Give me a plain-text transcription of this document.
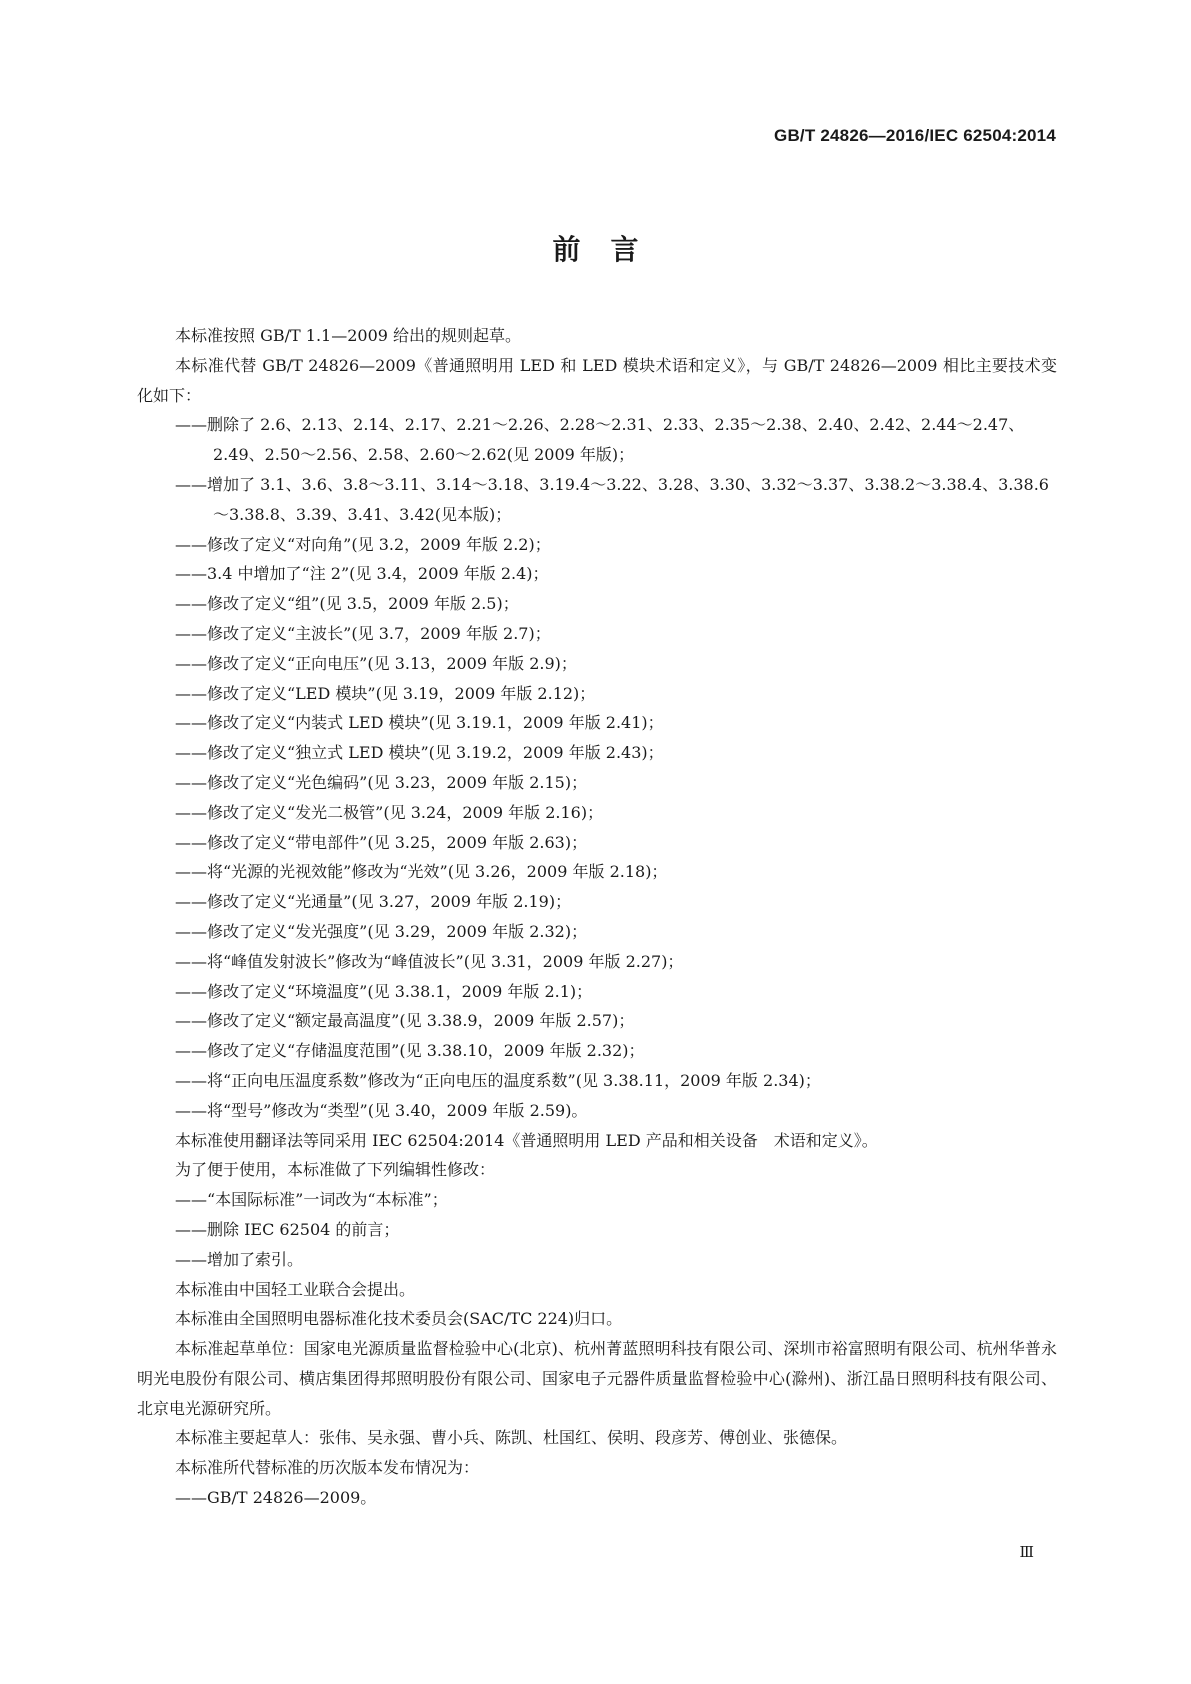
GB/T 24826—2016/IEC 62504:2014
前言
本标准按照 GB/T 1.1—2009 给出的规则起草。
本标准代替 GB/T 24826—2009《普通照明用 LED 和 LED 模块术语和定义》，与 GB/T 24826—2009 相比主要技术变化如下：
——删除了 2.6、2.13、2.14、2.17、2.21～2.26、2.28～2.31、2.33、2.35～2.38、2.40、2.42、2.44～2.47、2.49、2.50～2.56、2.58、2.60～2.62(见 2009 年版)；
——增加了 3.1、3.6、3.8～3.11、3.14～3.18、3.19.4～3.22、3.28、3.30、3.32～3.37、3.38.2～3.38.4、3.38.6～3.38.8、3.39、3.41、3.42(见本版)；
——修改了定义“对向角”(见 3.2，2009 年版 2.2)；
——3.4 中增加了“注 2”(见 3.4，2009 年版 2.4)；
——修改了定义“组”(见 3.5，2009 年版 2.5)；
——修改了定义“主波长”(见 3.7，2009 年版 2.7)；
——修改了定义“正向电压”(见 3.13，2009 年版 2.9)；
——修改了定义“LED 模块”(见 3.19，2009 年版 2.12)；
——修改了定义“内装式 LED 模块”(见 3.19.1，2009 年版 2.41)；
——修改了定义“独立式 LED 模块”(见 3.19.2，2009 年版 2.43)；
——修改了定义“光色编码”(见 3.23，2009 年版 2.15)；
——修改了定义“发光二极管”(见 3.24，2009 年版 2.16)；
——修改了定义“带电部件”(见 3.25，2009 年版 2.63)；
——将“光源的光视效能”修改为“光效”(见 3.26，2009 年版 2.18)；
——修改了定义“光通量”(见 3.27，2009 年版 2.19)；
——修改了定义“发光强度”(见 3.29，2009 年版 2.32)；
——将“峰值发射波长”修改为“峰值波长”(见 3.31，2009 年版 2.27)；
——修改了定义“环境温度”(见 3.38.1，2009 年版 2.1)；
——修改了定义“额定最高温度”(见 3.38.9，2009 年版 2.57)；
——修改了定义“存储温度范围”(见 3.38.10，2009 年版 2.32)；
——将“正向电压温度系数”修改为“正向电压的温度系数”(见 3.38.11，2009 年版 2.34)；
——将“型号”修改为“类型”(见 3.40，2009 年版 2.59)。
本标准使用翻译法等同采用 IEC 62504:2014《普通照明用 LED 产品和相关设备　术语和定义》。
为了便于使用，本标准做了下列编辑性修改：
——“本国际标准”一词改为“本标准”；
——删除 IEC 62504 的前言；
——增加了索引。
本标准由中国轻工业联合会提出。
本标准由全国照明电器标准化技术委员会(SAC/TC 224)归口。
本标准起草单位：国家电光源质量监督检验中心(北京)、杭州菁蓝照明科技有限公司、深圳市裕富照明有限公司、杭州华普永明光电股份有限公司、横店集团得邦照明股份有限公司、国家电子元器件质量监督检验中心(滁州)、浙江晶日照明科技有限公司、北京电光源研究所。
本标准主要起草人：张伟、吴永强、曹小兵、陈凯、杜国红、侯明、段彦芳、傅创业、张德保。
本标准所代替标准的历次版本发布情况为：
——GB/T 24826—2009。
Ⅲ
